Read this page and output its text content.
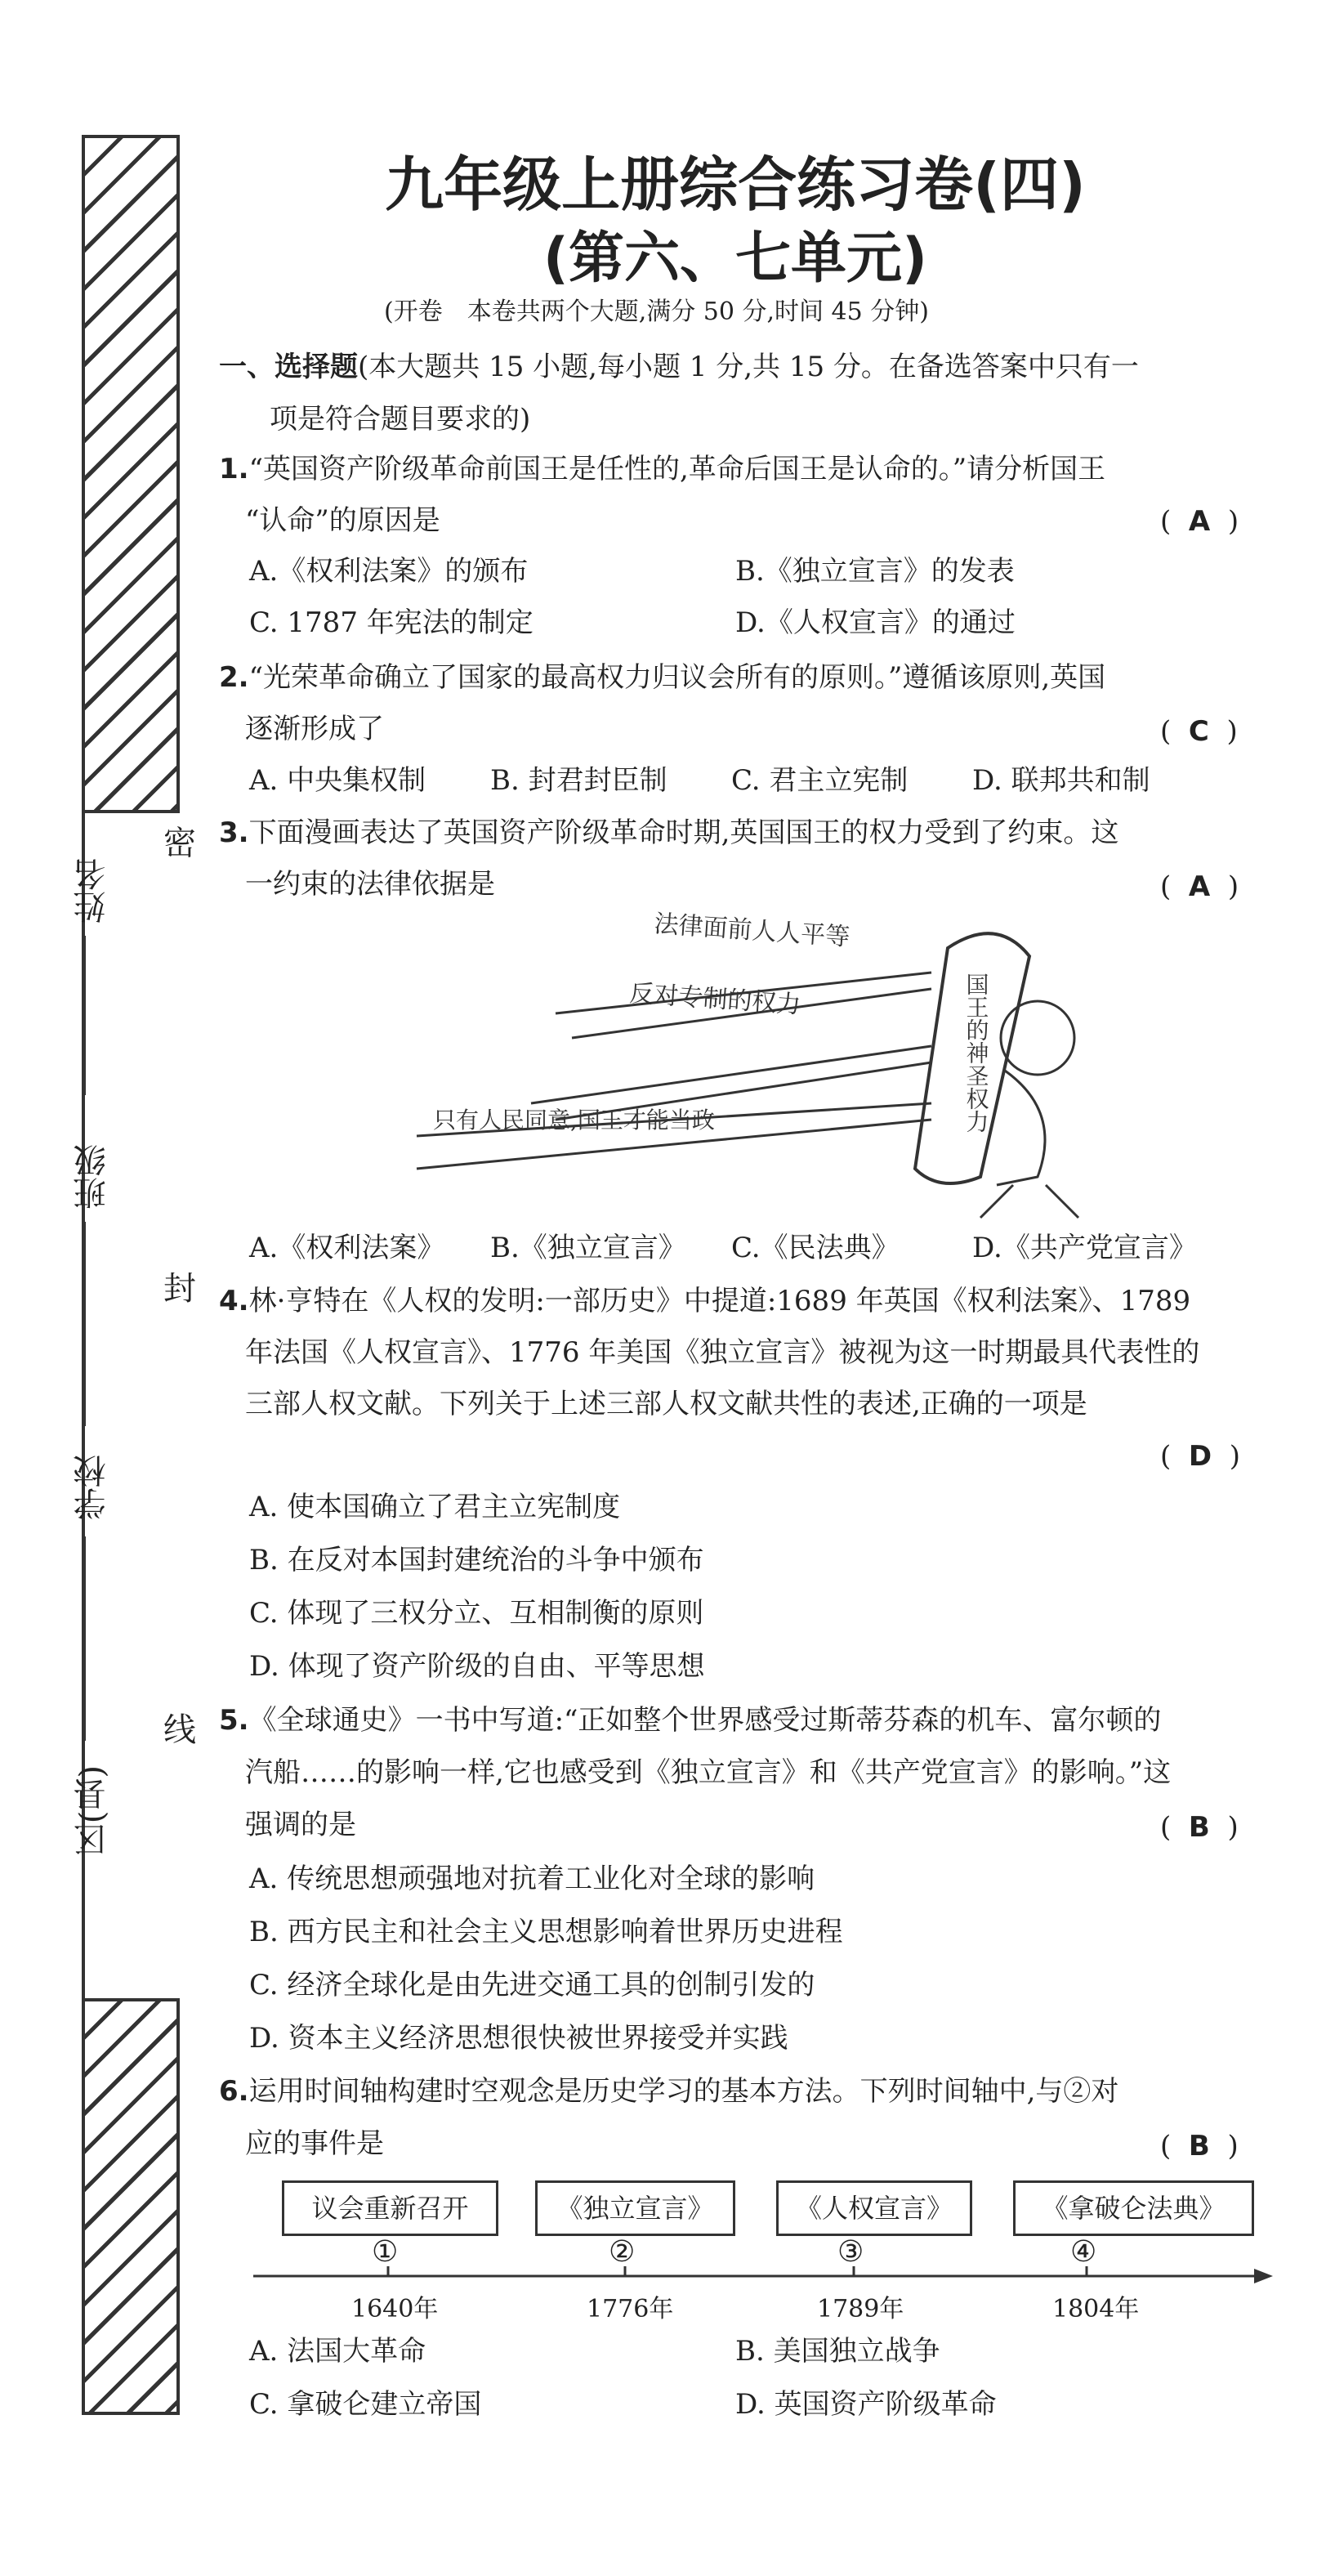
姓名
班级
学校
区(县)
密
封
线
九年级上册综合练习卷(四)
(第六、七单元)
(开卷　本卷共两个大题,满分 50 分,时间 45 分钟)
一、选择题(本大题共 15 小题,每小题 1 分,共 15 分。在备选答案中只有一
项是符合题目要求的)
1.“英国资产阶级革命前国王是任性的,革命后国王是认命的。”请分析国王
“认命”的原因是	( A )
A.《权利法案》的颁布	B.《独立宣言》的发表
C. 1787 年宪法的制定	D.《人权宣言》的通过
2.“光荣革命确立了国家的最高权力归议会所有的原则。”遵循该原则,英国
逐渐形成了	( C )
A. 中央集权制 B. 封君封臣制 C. 君主立宪制 D. 联邦共和制
3.下面漫画表达了英国资产阶级革命时期,英国国王的权力受到了约束。这
一约束的法律依据是	( A )
法律面前人人平等
反对专制的权力
只有人民同意,国王才能当政	国王的神圣权力
A.《权利法案》 B.《独立宣言》 C.《民法典》	D.《共产党宣言》
4.林·亨特在《人权的发明:一部历史》中提道:1689 年英国《权利法案》、1789
年法国《人权宣言》、1776 年美国《独立宣言》被视为这一时期最具代表性的
三部人权文献。下列关于上述三部人权文献共性的表述,正确的一项是
( D )
A. 使本国确立了君主立宪制度
B. 在反对本国封建统治的斗争中颁布
C. 体现了三权分立、互相制衡的原则
D. 体现了资产阶级的自由、平等思想
5.《全球通史》一书中写道:“正如整个世界感受过斯蒂芬森的机车、富尔顿的
汽船……的影响一样,它也感受到《独立宣言》和《共产党宣言》的影响。”这
强调的是	( B )
A. 传统思想顽强地对抗着工业化对全球的影响
B. 西方民主和社会主义思想影响着世界历史进程
C. 经济全球化是由先进交通工具的创制引发的
D. 资本主义经济思想很快被世界接受并实践
6.运用时间轴构建时空观念是历史学习的基本方法。下列时间轴中,与②对
应的事件是	( B )
议会重新召开	《独立宣言》	《人权宣言》	《拿破仑法典》
①	②	③	④
1640年	1776年	1789年	1804年
A. 法国大革命	B. 美国独立战争
C. 拿破仑建立帝国	D. 英国资产阶级革命
